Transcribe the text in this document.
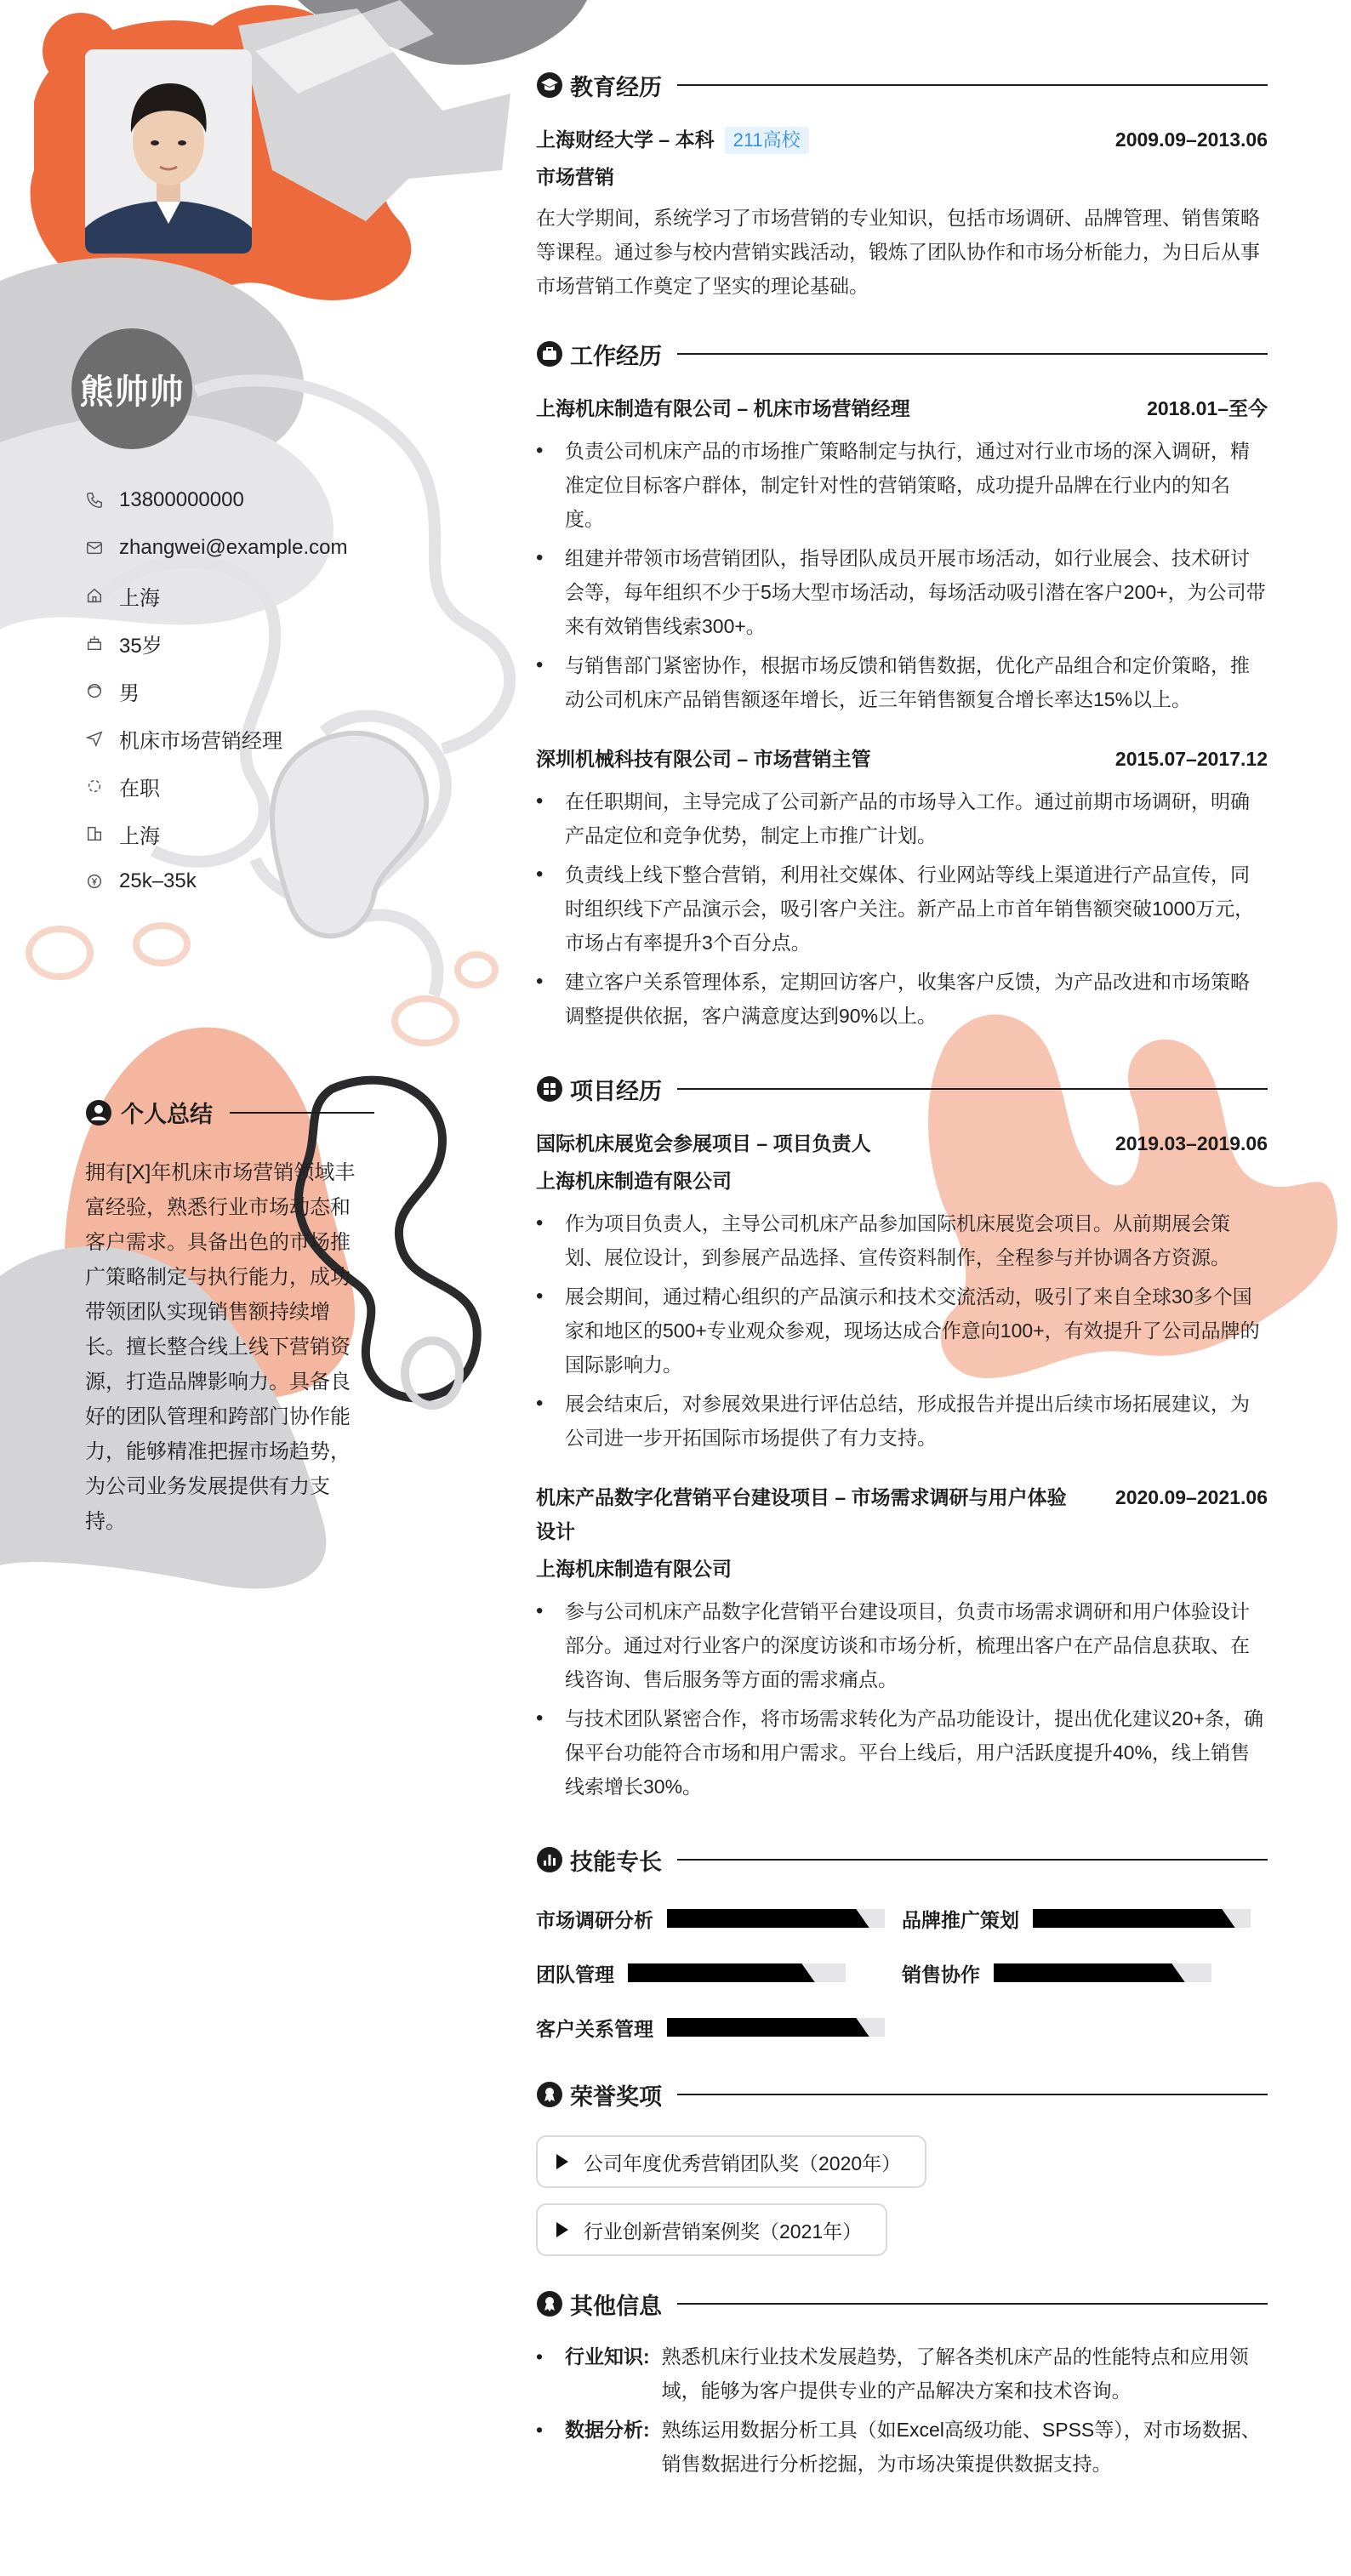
熊帅帅
13800000000
zhangwei@example.com
上海
35岁
男
机床市场营销经理
在职
上海
25k–35k
个人总结
拥有[X]年机床市场营销领域丰富经验，熟悉行业市场动态和客户需求。具备出色的市场推广策略制定与执行能力，成功带领团队实现销售额持续增长。擅长整合线上线下营销资源，打造品牌影响力。具备良好的团队管理和跨部门协作能力，能够精准把握市场趋势，为公司业务发展提供有力支持。
教育经历
上海财经大学 – 本科 211高校	2009.09–2013.06
市场营销
在大学期间，系统学习了市场营销的专业知识，包括市场调研、品牌管理、销售策略等课程。通过参与校内营销实践活动，锻炼了团队协作和市场分析能力，为日后从事市场营销工作奠定了坚实的理论基础。
工作经历
上海机床制造有限公司 – 机床市场营销经理	2018.01–至今
• 负责公司机床产品的市场推广策略制定与执行，通过对行业市场的深入调研，精准定位目标客户群体，制定针对性的营销策略，成功提升品牌在行业内的知名度。
• 组建并带领市场营销团队，指导团队成员开展市场活动，如行业展会、技术研讨会等，每年组织不少于5场大型市场活动，每场活动吸引潜在客户200+，为公司带来有效销售线索300+。
• 与销售部门紧密协作，根据市场反馈和销售数据，优化产品组合和定价策略，推动公司机床产品销售额逐年增长，近三年销售额复合增长率达15%以上。
深圳机械科技有限公司 – 市场营销主管	2015.07–2017.12
• 在任职期间，主导完成了公司新产品的市场导入工作。通过前期市场调研，明确产品定位和竞争优势，制定上市推广计划。
• 负责线上线下整合营销，利用社交媒体、行业网站等线上渠道进行产品宣传，同时组织线下产品演示会，吸引客户关注。新产品上市首年销售额突破1000万元，市场占有率提升3个百分点。
• 建立客户关系管理体系，定期回访客户，收集客户反馈，为产品改进和市场策略调整提供依据，客户满意度达到90%以上。
项目经历
国际机床展览会参展项目 – 项目负责人	2019.03–2019.06
上海机床制造有限公司
• 作为项目负责人，主导公司机床产品参加国际机床展览会项目。从前期展会策划、展位设计，到参展产品选择、宣传资料制作，全程参与并协调各方资源。
• 展会期间，通过精心组织的产品演示和技术交流活动，吸引了来自全球30多个国家和地区的500+专业观众参观，现场达成合作意向100+，有效提升了公司品牌的国际影响力。
• 展会结束后，对参展效果进行评估总结，形成报告并提出后续市场拓展建议，为公司进一步开拓国际市场提供了有力支持。
机床产品数字化营销平台建设项目 – 市场需求调研与用户体验设计
2020.09–2021.06
上海机床制造有限公司
• 参与公司机床产品数字化营销平台建设项目，负责市场需求调研和用户体验设计部分。通过对行业客户的深度访谈和市场分析，梳理出客户在产品信息获取、在线咨询、售后服务等方面的需求痛点。
• 与技术团队紧密合作，将市场需求转化为产品功能设计，提出优化建议20+条，确保平台功能符合市场和用户需求。平台上线后，用户活跃度提升40%，线上销售线索增长30%。
技能专长
市场调研分析	品牌推广策划
团队管理	销售协作
客户关系管理
荣誉奖项
公司年度优秀营销团队奖（2020年）
行业创新营销案例奖（2021年）
其他信息
•	行业知识: 熟悉机床行业技术发展趋势，了解各类机床产品的性能特点和应用领域，能够为客户提供专业的产品解决方案和技术咨询。
•	数据分析: 熟练运用数据分析工具（如Excel高级功能、SPSS等），对市场数据、销售数据进行分析挖掘，为市场决策提供数据支持。
